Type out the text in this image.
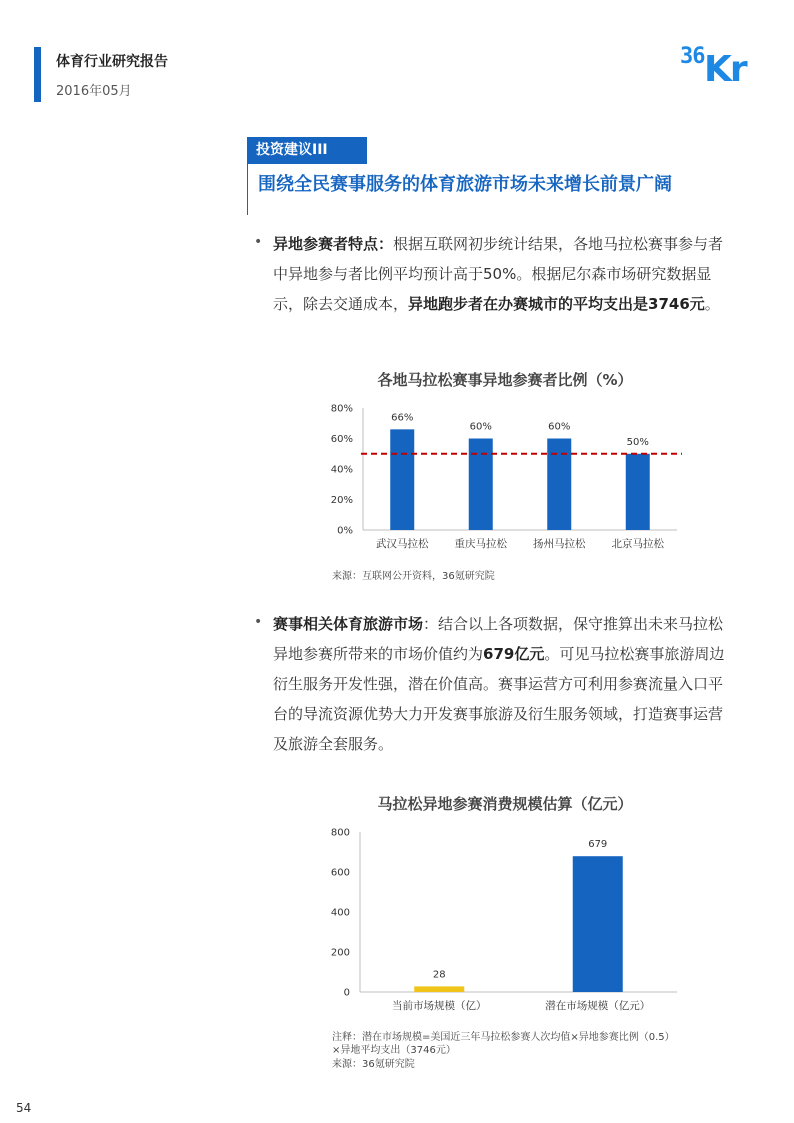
体育行业研究报告
2016年05月
36 Kr
投资建议III
围绕全民赛事服务的体育旅游市场未来增长前景广阔
• 异地参赛者特点：根据互联网初步统计结果，各地马拉松赛事参与者中异地参与者比例平均预计高于50%。根据尼尔森市场研究数据显示，除去交通成本，异地跑步者在办赛城市的平均支出是3746元。
各地马拉松赛事异地参赛者比例（%）
0%
20%
40%
60%
80%
66%
武汉马拉松
60%
重庆马拉松
60%
扬州马拉松
50%
北京马拉松
来源：互联网公开资料，36氪研究院
• 赛事相关体育旅游市场：结合以上各项数据，保守推算出未来马拉松异地参赛所带来的市场价值约为679亿元。可见马拉松赛事旅游周边衍生服务开发性强，潜在价值高。赛事运营方可利用参赛流量入口平台的导流资源优势大力开发赛事旅游及衍生服务领域，打造赛事运营及旅游全套服务。
马拉松异地参赛消费规模估算（亿元）
0
200
400
600
800
28
当前市场规模（亿）
679
潜在市场规模（亿元）
注释：潜在市场规模=美国近三年马拉松参赛人次均值×异地参赛比例（0.5）×异地平均支出（3746元）
来源：36氪研究院
54
